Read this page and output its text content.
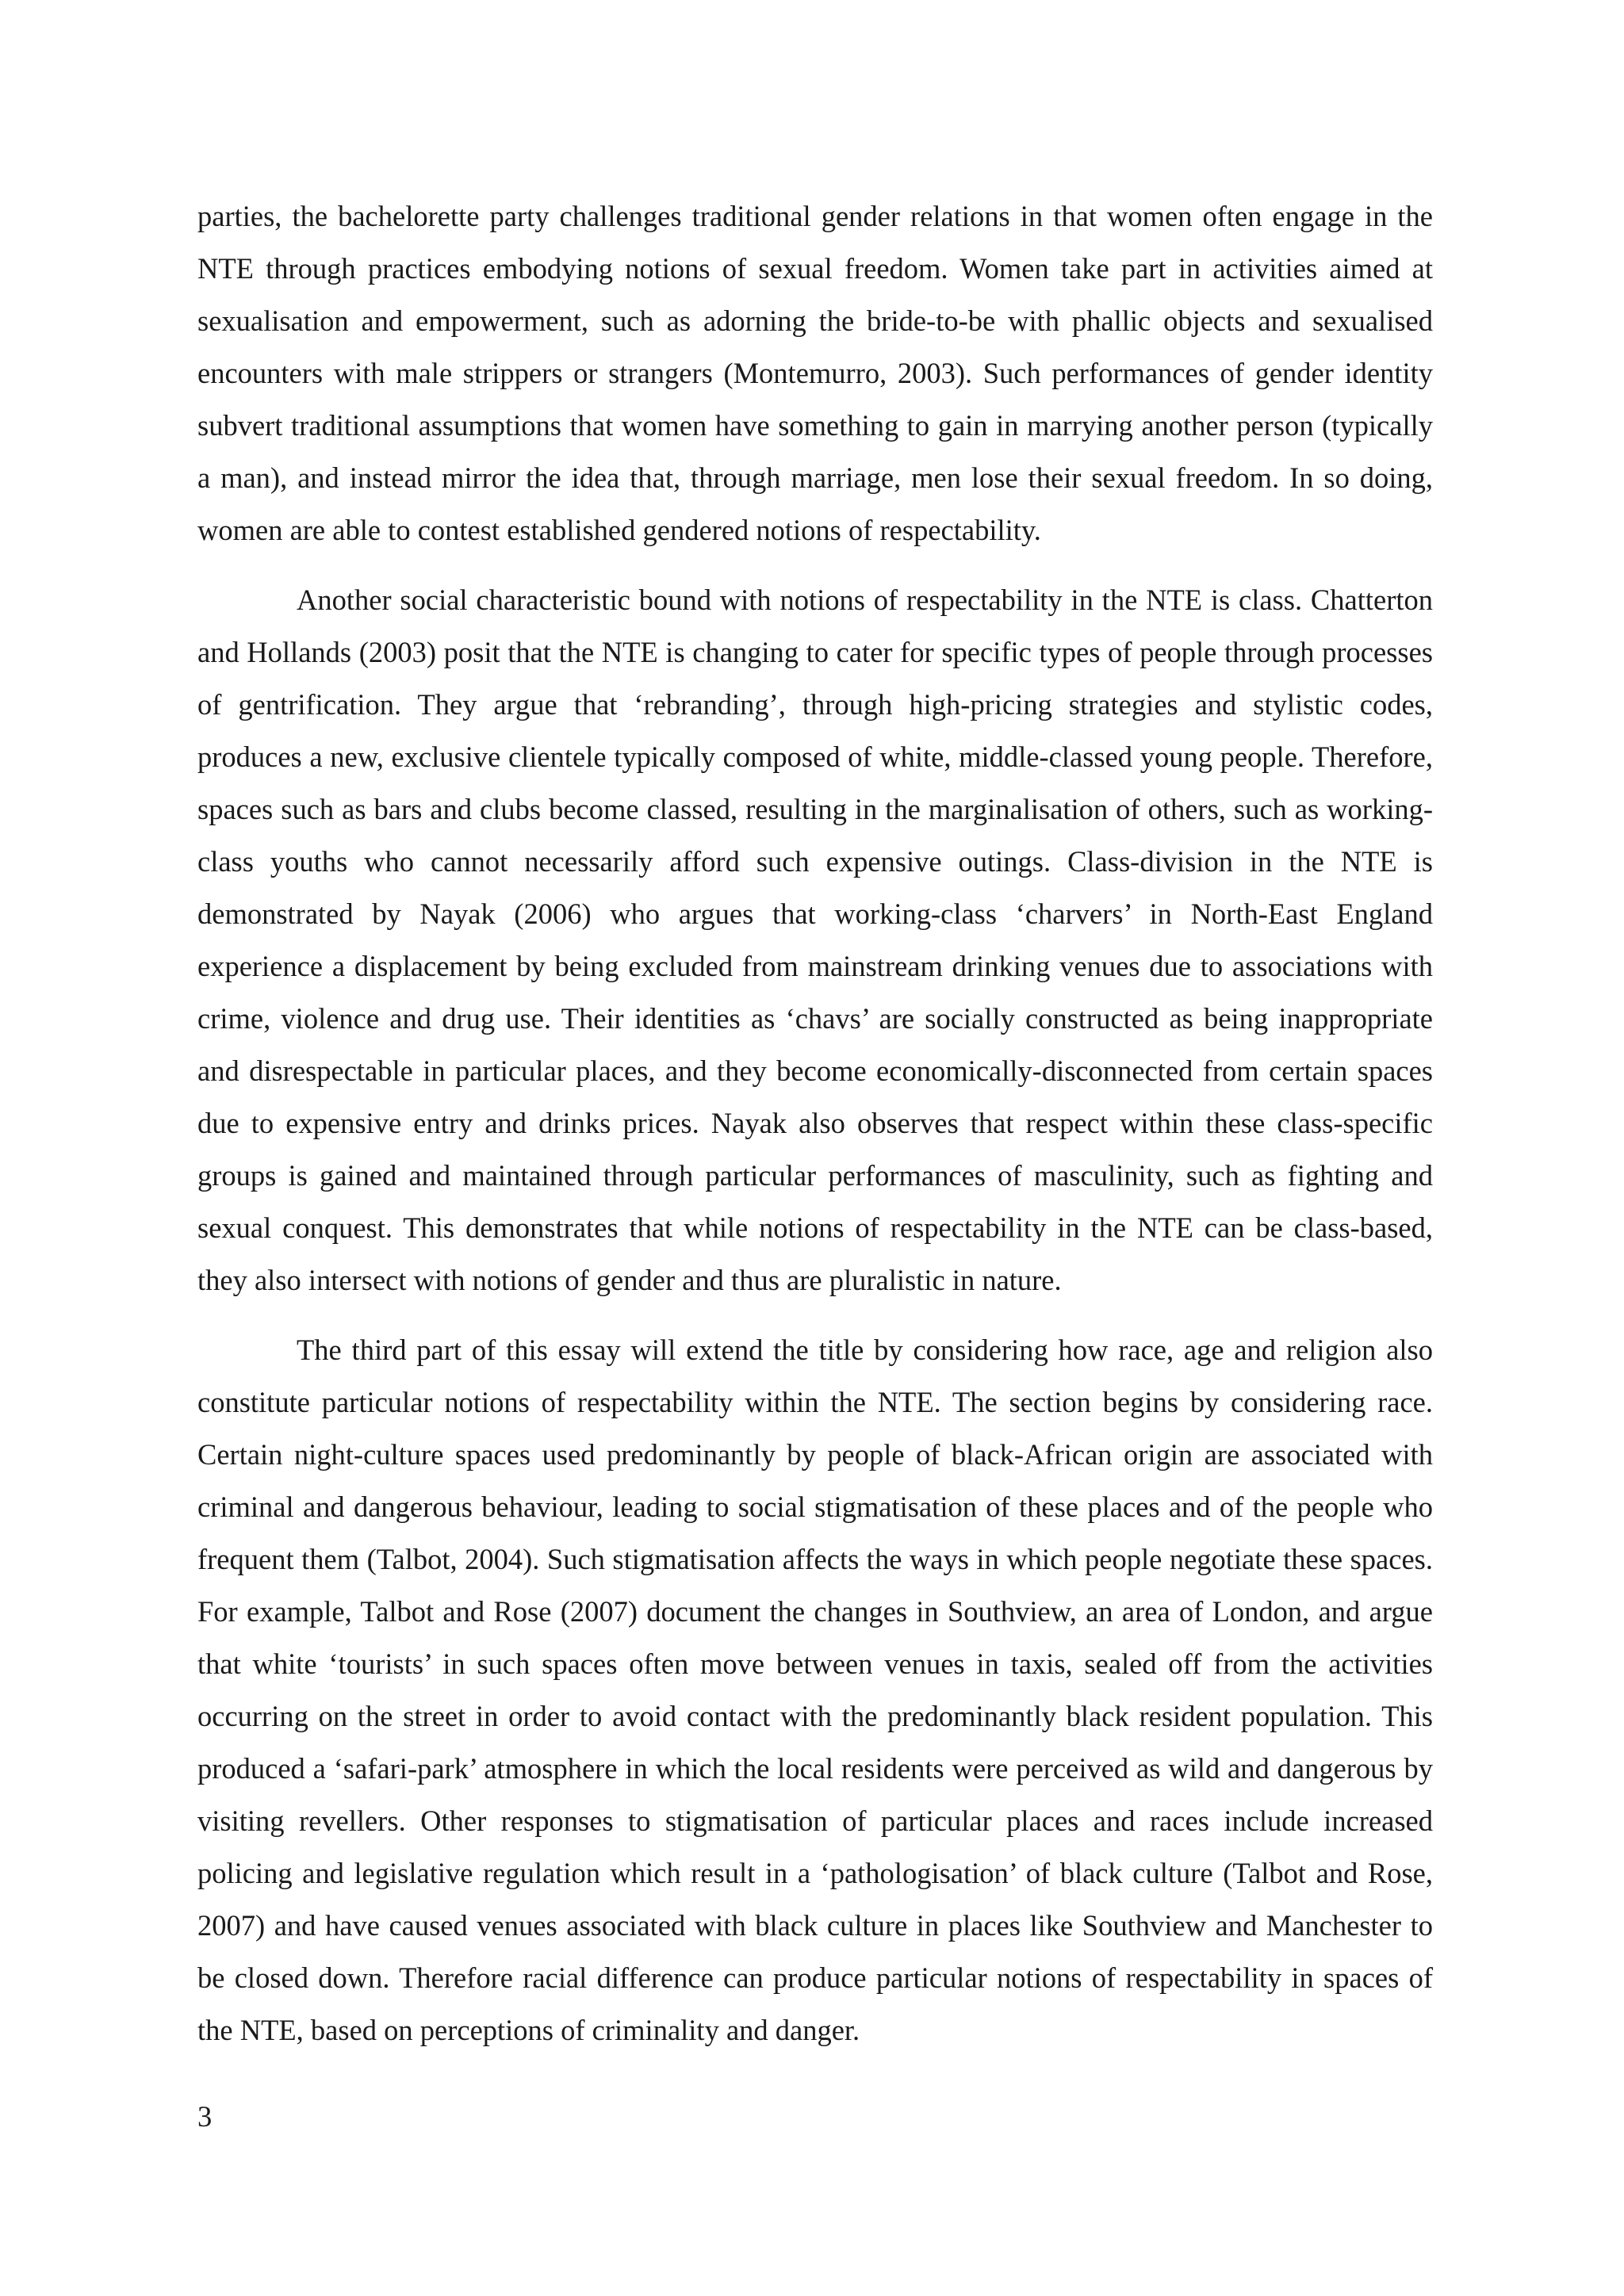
parties, the bachelorette party challenges traditional gender relations in that women often engage in the NTE through practices embodying notions of sexual freedom. Women take part in activities aimed at sexualisation and empowerment, such as adorning the bride-to-be with phallic objects and sexualised encounters with male strippers or strangers (Montemurro, 2003). Such performances of gender identity subvert traditional assumptions that women have something to gain in marrying another person (typically a man), and instead mirror the idea that, through marriage, men lose their sexual freedom. In so doing, women are able to contest established gendered notions of respectability.

Another social characteristic bound with notions of respectability in the NTE is class. Chatterton and Hollands (2003) posit that the NTE is changing to cater for specific types of people through processes of gentrification. They argue that ‘rebranding’, through high-pricing strategies and stylistic codes, produces a new, exclusive clientele typically composed of white, middle-classed young people. Therefore, spaces such as bars and clubs become classed, resulting in the marginalisation of others, such as working-class youths who cannot necessarily afford such expensive outings. Class-division in the NTE is demonstrated by Nayak (2006) who argues that working-class ‘charvers’ in North-East England experience a displacement by being excluded from mainstream drinking venues due to associations with crime, violence and drug use. Their identities as ‘chavs’ are socially constructed as being inappropriate and disrespectable in particular places, and they become economically-disconnected from certain spaces due to expensive entry and drinks prices. Nayak also observes that respect within these class-specific groups is gained and maintained through particular performances of masculinity, such as fighting and sexual conquest. This demonstrates that while notions of respectability in the NTE can be class-based, they also intersect with notions of gender and thus are pluralistic in nature.

The third part of this essay will extend the title by considering how race, age and religion also constitute particular notions of respectability within the NTE. The section begins by considering race. Certain night-culture spaces used predominantly by people of black-African origin are associated with criminal and dangerous behaviour, leading to social stigmatisation of these places and of the people who frequent them (Talbot, 2004). Such stigmatisation affects the ways in which people negotiate these spaces. For example, Talbot and Rose (2007) document the changes in Southview, an area of London, and argue that white ‘tourists’ in such spaces often move between venues in taxis, sealed off from the activities occurring on the street in order to avoid contact with the predominantly black resident population. This produced a ‘safari-park’ atmosphere in which the local residents were perceived as wild and dangerous by visiting revellers. Other responses to stigmatisation of particular places and races include increased policing and legislative regulation which result in a ‘pathologisation’ of black culture (Talbot and Rose, 2007) and have caused venues associated with black culture in places like Southview and Manchester to be closed down. Therefore racial difference can produce particular notions of respectability in spaces of the NTE, based on perceptions of criminality and danger.

3
